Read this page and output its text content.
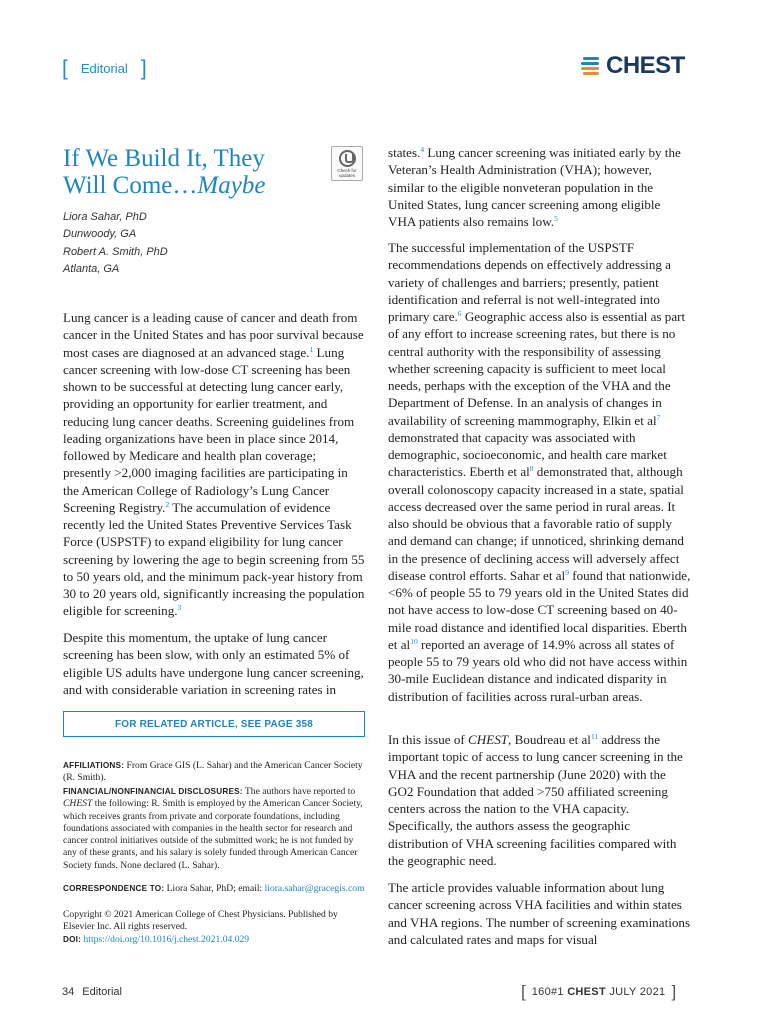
[ Editorial ]	CHEST
If We Build It, They
Will Come…Maybe
Check for updates
Liora Sahar, PhD
Dunwoody, GA
Robert A. Smith, PhD
Atlanta, GA
Lung cancer is a leading cause of cancer and death from cancer in the United States and has poor survival because most cases are diagnosed at an advanced stage.$^1$ Lung cancer screening with low-dose CT screening has been shown to be successful at detecting lung cancer early, providing an opportunity for earlier treatment, and reducing lung cancer deaths. Screening guidelines from leading organizations have been in place since 2014, followed by Medicare and health plan coverage; presently >2,000 imaging facilities are participating in the American College of Radiology’s Lung Cancer Screening Registry.$^2$ The accumulation of evidence recently led the United States Preventive Services Task Force (USPSTF) to expand eligibility for lung cancer screening by lowering the age to begin screening from 55 to 50 years old, and the minimum pack-year history from 30 to 20 years old, significantly increasing the population eligible for screening.$^3$
Despite this momentum, the uptake of lung cancer screening has been slow, with only an estimated 5% of eligible US adults have undergone lung cancer screening, and with considerable variation in screening rates in
FOR RELATED ARTICLE, SEE PAGE 358
AFFILIATIONS: From Grace GIS (L. Sahar) and the American Cancer Society (R. Smith).
FINANCIAL/NONFINANCIAL DISCLOSURES: The authors have reported to CHEST the following: R. Smith is employed by the American Cancer Society, which receives grants from private and corporate foundations, including foundations associated with companies in the health sector for research and cancer control initiatives outside of the submitted work; he is not funded by any of these grants, and his salary is solely funded through American Cancer Society funds. None declared (L. Sahar).
CORRESPONDENCE TO: Liora Sahar, PhD; email: liora.sahar@gracegis.com
Copyright © 2021 American College of Chest Physicians. Published by Elsevier Inc. All rights reserved.
DOI: https://doi.org/10.1016/j.chest.2021.04.029
states.$^4$ Lung cancer screening was initiated early by the Veteran’s Health Administration (VHA); however, similar to the eligible nonveteran population in the United States, lung cancer screening among eligible VHA patients also remains low.$^5$
The successful implementation of the USPSTF recommendations depends on effectively addressing a variety of challenges and barriers; presently, patient identification and referral is not well-integrated into primary care.$^6$ Geographic access also is essential as part of any effort to increase screening rates, but there is no central authority with the responsibility of assessing whether screening capacity is sufficient to meet local needs, perhaps with the exception of the VHA and the Department of Defense. In an analysis of changes in availability of screening mammography, Elkin et $al^7$ demonstrated that capacity was associated with demographic, socioeconomic, and health care market characteristics. Eberth et $al^8$ demonstrated that, although overall colonoscopy capacity increased in a state, spatial access decreased over the same period in rural areas. It also should be obvious that a favorable ratio of supply and demand can change; if unnoticed, shrinking demand in the presence of declining access will adversely affect disease control efforts. Sahar et $al^9$ found that nationwide, <6% of people 55 to 79 years old in the United States did not have access to low-dose CT screening based on 40-mile road distance and identified local disparities. Eberth et $al^{10}$ reported an average of 14.9% across all states of people 55 to 79 years old who did not have access within 30-mile Euclidean distance and indicated disparity in distribution of facilities across rural-urban areas.
In this issue of CHEST, Boudreau et $al^{11}$ address the important topic of access to lung cancer screening in the VHA and the recent partnership (June 2020) with the GO2 Foundation that added >750 affiliated screening centers across the nation to the VHA capacity. Specifically, the authors assess the geographic distribution of VHA screening facilities compared with the geographic need.
The article provides valuable information about lung cancer screening across VHA facilities and within states and VHA regions. The number of screening examinations and calculated rates and maps for visual
34 Editorial	[ 160#1 CHEST JULY 2021 ]
